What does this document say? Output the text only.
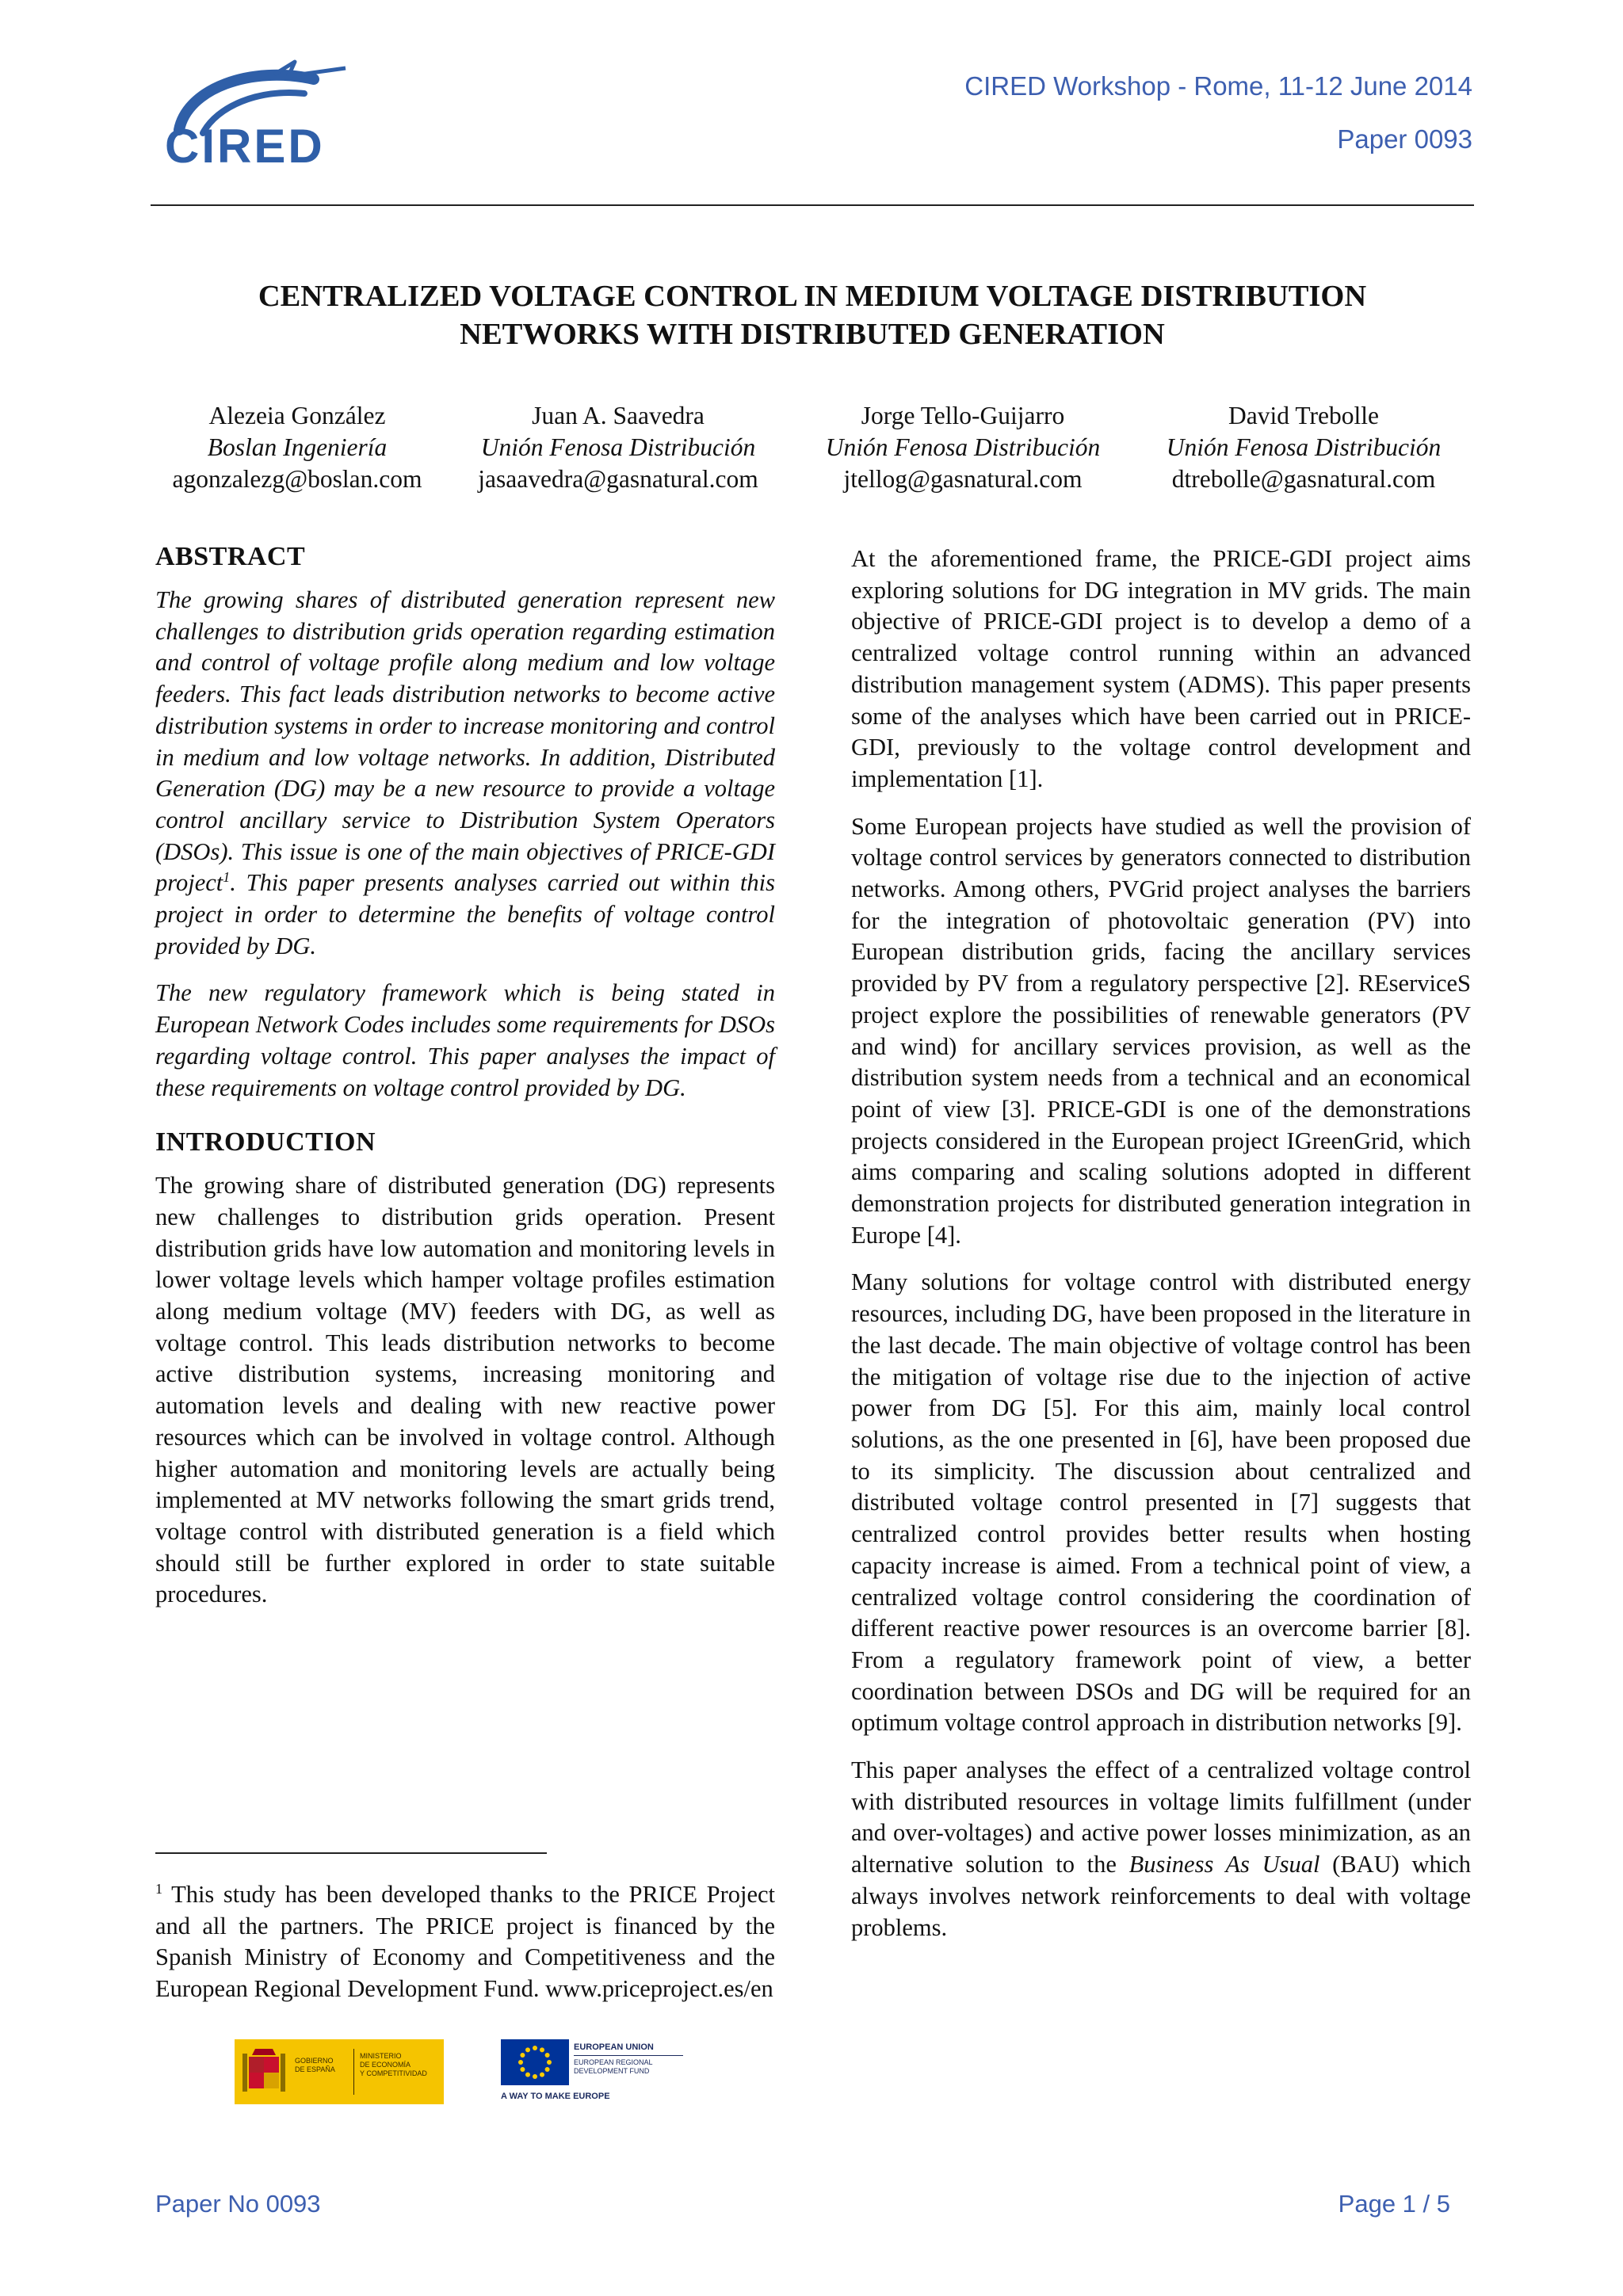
CIRED

CIRED Workshop - Rome, 11-12 June 2014
Paper 0093
CENTRALIZED VOLTAGE CONTROL IN MEDIUM VOLTAGE DISTRIBUTION
NETWORKS WITH DISTRIBUTED GENERATION
Alezeia González
Boslan Ingeniería
agonzalezg@boslan.com
Juan A. Saavedra
Unión Fenosa Distribución
jasaavedra@gasnatural.com
Jorge Tello-Guijarro
Unión Fenosa Distribución
jtellog@gasnatural.com
David Trebolle
Unión Fenosa Distribución
dtrebolle@gasnatural.com
ABSTRACT

The growing shares of distributed generation represent new challenges to distribution grids operation regarding estimation and control of voltage profile along medium and low voltage feeders. This fact leads distribution networks to become active distribution systems in order to increase monitoring and control in medium and low voltage networks. In addition, Distributed Generation (DG) may be a new resource to provide a voltage control ancillary service to Distribution System Operators (DSOs). This issue is one of the main objectives of PRICE-GDI project$^1$. This paper presents analyses carried out within this project in order to determine the benefits of voltage control provided by DG.

The new regulatory framework which is being stated in European Network Codes includes some requirements for DSOs regarding voltage control. This paper analyses the impact of these requirements on voltage control provided by DG.

INTRODUCTION

The growing share of distributed generation (DG) represents new challenges to distribution grids operation. Present distribution grids have low automation and monitoring levels in lower voltage levels which hamper voltage profiles estimation along medium voltage (MV) feeders with DG, as well as voltage control. This leads distribution networks to become active distribution systems, increasing monitoring and automation levels and dealing with new reactive power resources which can be involved in voltage control. Although higher automation and monitoring levels are actually being implemented at MV networks following the smart grids trend, voltage control with distributed generation is a field which should still be further explored in order to state suitable procedures.

$^1$ This study has been developed thanks to the PRICE Project and all the partners. The PRICE project is financed by the Spanish Ministry of Economy and Competitiveness and the European Regional Development Fund. www.priceproject.es/en

GOBIERNO
DE ESPAÑA
MINISTERIO
DE ECONOMÍA
Y COMPETITIVIDAD
EUROPEAN UNION
EUROPEAN REGIONAL
DEVELOPMENT FUND
A WAY TO MAKE EUROPE

At the aforementioned frame, the PRICE-GDI project aims exploring solutions for DG integration in MV grids. The main objective of PRICE-GDI project is to develop a demo of a centralized voltage control running within an advanced distribution management system (ADMS). This paper presents some of the analyses which have been carried out in PRICE-GDI, previously to the voltage control development and implementation [1].

Some European projects have studied as well the provision of voltage control services by generators connected to distribution networks. Among others, PVGrid project analyses the barriers for the integration of photovoltaic generation (PV) into European distribution grids, facing the ancillary services provided by PV from a regulatory perspective [2]. REserviceS project explore the possibilities of renewable generators (PV and wind) for ancillary services provision, as well as the distribution system needs from a technical and an economical point of view [3]. PRICE-GDI is one of the demonstrations projects considered in the European project IGreenGrid, which aims comparing and scaling solutions adopted in different demonstration projects for distributed generation integration in Europe [4].

Many solutions for voltage control with distributed energy resources, including DG, have been proposed in the literature in the last decade. The main objective of voltage control has been the mitigation of voltage rise due to the injection of active power from DG [5]. For this aim, mainly local control solutions, as the one presented in [6], have been proposed due to its simplicity. The discussion about centralized and distributed voltage control presented in [7] suggests that centralized control provides better results when hosting capacity increase is aimed. From a technical point of view, a centralized voltage control considering the coordination of different reactive power resources is an overcome barrier [8]. From a regulatory framework point of view, a better coordination between DSOs and DG will be required for an optimum voltage control approach in distribution networks [9].

This paper analyses the effect of a centralized voltage control with distributed resources in voltage limits fulfillment (under and over-voltages) and active power losses minimization, as an alternative solution to the Business As Usual (BAU) which always involves network reinforcements to deal with voltage problems.

Paper No 0093	Page 1 / 5
